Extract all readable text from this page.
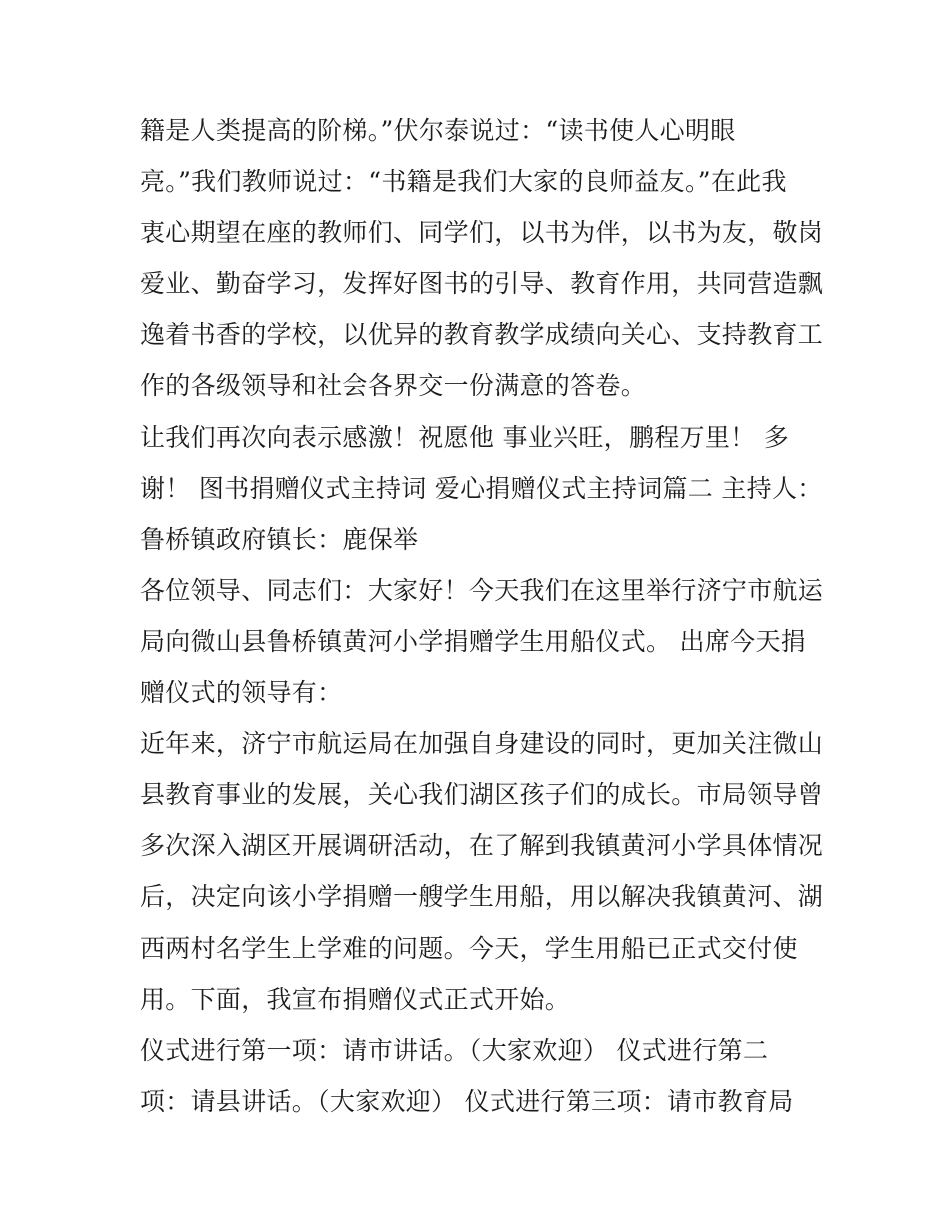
籍是人类提高的阶梯。”伏尔泰说过：“读书使人心明眼
亮。”我们教师说过：“书籍是我们大家的良师益友。”在此我
衷心期望在座的教师们、同学们，以书为伴，以书为友，敬岗
爱业、勤奋学习，发挥好图书的引导、教育作用，共同营造飘
逸着书香的学校，以优异的教育教学成绩向关心、支持教育工
作的各级领导和社会各界交一份满意的答卷。
让我们再次向表示感激！祝愿他 事业兴旺，鹏程万里！ 多
谢！ 图书捐赠仪式主持词 爱心捐赠仪式主持词篇二 主持人：
鲁桥镇政府镇长：鹿保举
各位领导、同志们：大家好！今天我们在这里举行济宁市航运
局向微山县鲁桥镇黄河小学捐赠学生用船仪式。 出席今天捐
赠仪式的领导有：
近年来，济宁市航运局在加强自身建设的同时，更加关注微山
县教育事业的发展，关心我们湖区孩子们的成长。市局领导曾
多次深入湖区开展调研活动，在了解到我镇黄河小学具体情况
后，决定向该小学捐赠一艘学生用船，用以解决我镇黄河、湖
西两村名学生上学难的问题。今天，学生用船已正式交付使
用。下面，我宣布捐赠仪式正式开始。
仪式进行第一项：请市讲话。（大家欢迎） 仪式进行第二
项：请县讲话。（大家欢迎） 仪式进行第三项：请市教育局
